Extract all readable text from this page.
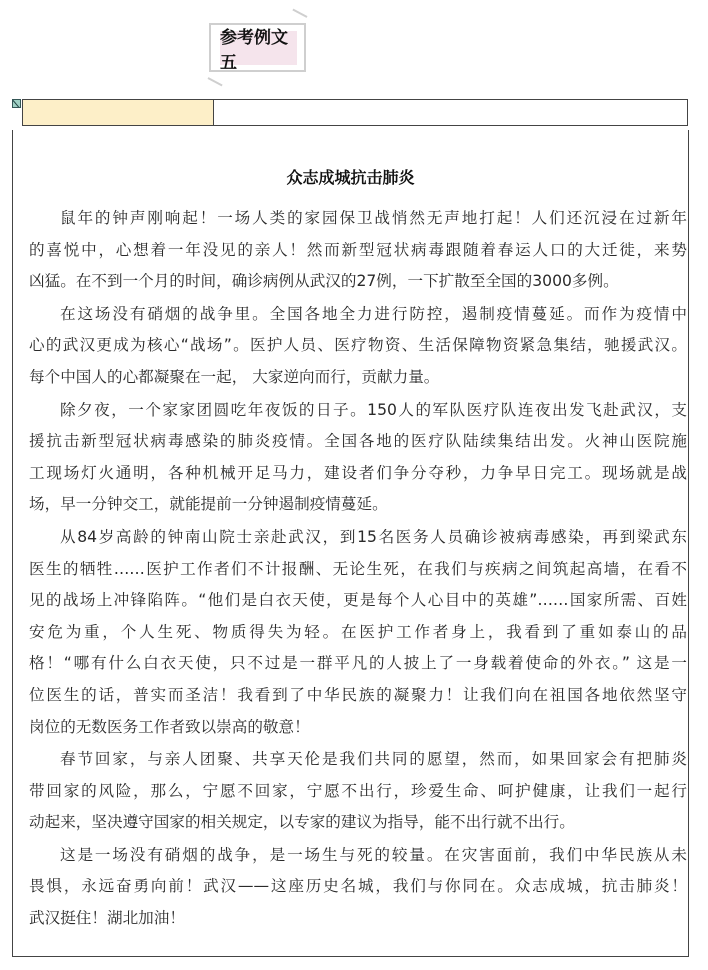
参考例文五
众志成城抗击肺炎
鼠年的钟声刚响起！一场人类的家园保卫战悄然无声地打起！人们还沉浸在过新年
的喜悦中，心想着一年没见的亲人！然而新型冠状病毒跟随着春运人口的大迁徙，来势
凶猛。在不到一个月的时间，确诊病例从武汉的27例，一下扩散至全国的3000多例。
在这场没有硝烟的战争里。全国各地全力进行防控，遏制疫情蔓延。而作为疫情中
心的武汉更成为核心“战场”。医护人员、医疗物资、生活保障物资紧急集结，驰援武汉。
每个中国人的心都凝聚在一起， 大家逆向而行，贡献力量。
除夕夜，一个家家团圆吃年夜饭的日子。150人的军队医疗队连夜出发飞赴武汉，支
援抗击新型冠状病毒感染的肺炎疫情。全国各地的医疗队陆续集结出发。火神山医院施
工现场灯火通明，各种机械开足马力，建设者们争分夺秒，力争早日完工。现场就是战
场，早一分钟交工，就能提前一分钟遏制疫情蔓延。
从84岁高龄的钟南山院士亲赴武汉，到15名医务人员确诊被病毒感染，再到梁武东
医生的牺牲……医护工作者们不计报酬、无论生死，在我们与疾病之间筑起高墙，在看不
见的战场上冲锋陷阵。“他们是白衣天使，更是每个人心目中的英雄”……国家所需、百姓
安危为重，个人生死、物质得失为轻。在医护工作者身上，我看到了重如泰山的品
格！“哪有什么白衣天使，只不过是一群平凡的人披上了一身载着使命的外衣。” 这是一
位医生的话，普实而圣洁！我看到了中华民族的凝聚力！让我们向在祖国各地依然坚守
岗位的无数医务工作者致以崇高的敬意！
春节回家，与亲人团聚、共享天伦是我们共同的愿望，然而，如果回家会有把肺炎
带回家的风险，那么，宁愿不回家，宁愿不出行，珍爱生命、呵护健康，让我们一起行
动起来，坚决遵守国家的相关规定，以专家的建议为指导，能不出行就不出行。
这是一场没有硝烟的战争，是一场生与死的较量。在灾害面前，我们中华民族从未
畏惧，永远奋勇向前！武汉——这座历史名城，我们与你同在。众志成城，抗击肺炎！
武汉挺住！湖北加油！
